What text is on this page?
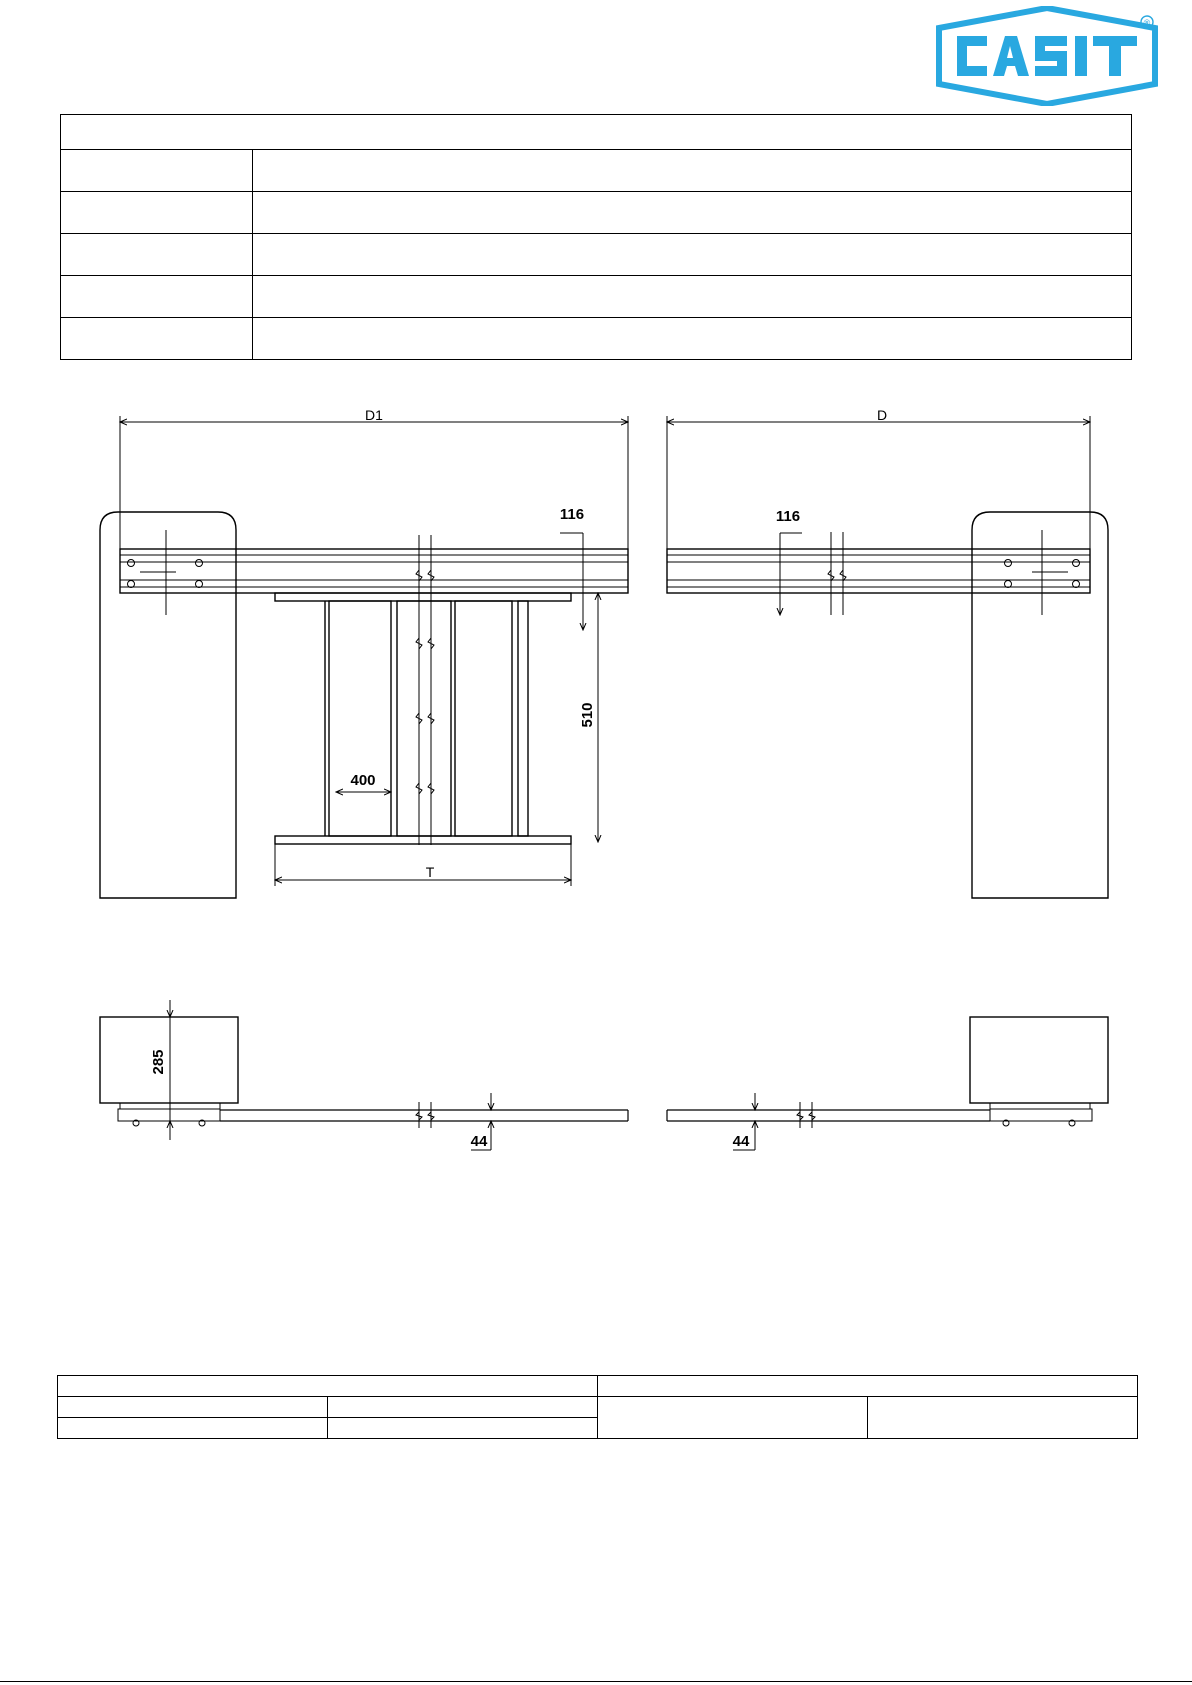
®

D1	D
116	116
510
400
T
285
44	44
